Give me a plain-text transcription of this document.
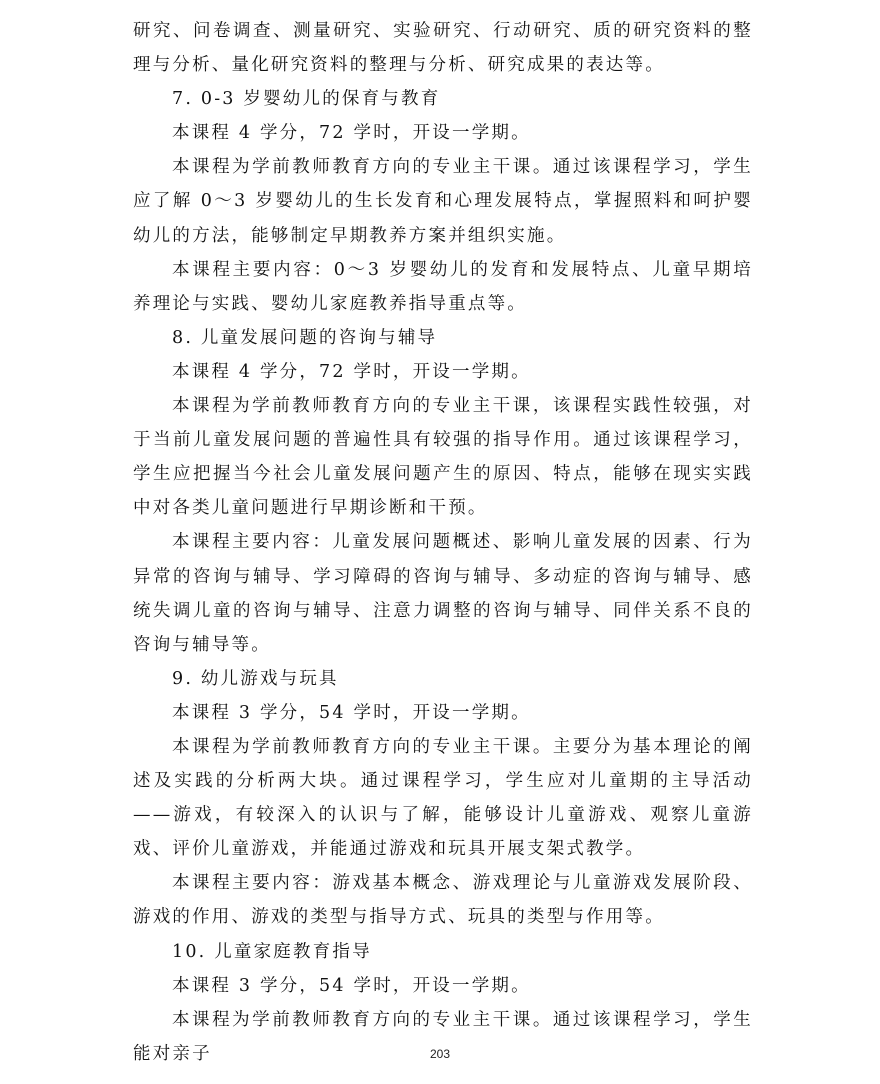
研究、问卷调查、测量研究、实验研究、行动研究、质的研究资料的整理与分析、量化研究资料的整理与分析、研究成果的表达等。

7. 0-3 岁婴幼儿的保育与教育

本课程 4 学分，72 学时，开设一学期。

本课程为学前教师教育方向的专业主干课。通过该课程学习，学生应了解 0～3 岁婴幼儿的生长发育和心理发展特点，掌握照料和呵护婴幼儿的方法，能够制定早期教养方案并组织实施。

本课程主要内容：0～3 岁婴幼儿的发育和发展特点、儿童早期培养理论与实践、婴幼儿家庭教养指导重点等。

8. 儿童发展问题的咨询与辅导

本课程 4 学分，72 学时，开设一学期。

本课程为学前教师教育方向的专业主干课，该课程实践性较强，对于当前儿童发展问题的普遍性具有较强的指导作用。通过该课程学习，学生应把握当今社会儿童发展问题产生的原因、特点，能够在现实实践中对各类儿童问题进行早期诊断和干预。

本课程主要内容：儿童发展问题概述、影响儿童发展的因素、行为异常的咨询与辅导、学习障碍的咨询与辅导、多动症的咨询与辅导、感统失调儿童的咨询与辅导、注意力调整的咨询与辅导、同伴关系不良的咨询与辅导等。

9. 幼儿游戏与玩具

本课程 3 学分，54 学时，开设一学期。

本课程为学前教师教育方向的专业主干课。主要分为基本理论的阐述及实践的分析两大块。通过课程学习，学生应对儿童期的主导活动——游戏，有较深入的认识与了解，能够设计儿童游戏、观察儿童游戏、评价儿童游戏，并能通过游戏和玩具开展支架式教学。

本课程主要内容：游戏基本概念、游戏理论与儿童游戏发展阶段、游戏的作用、游戏的类型与指导方式、玩具的类型与作用等。

10. 儿童家庭教育指导

本课程 3 学分，54 学时，开设一学期。

本课程为学前教师教育方向的专业主干课。通过该课程学习，学生能对亲子	203
